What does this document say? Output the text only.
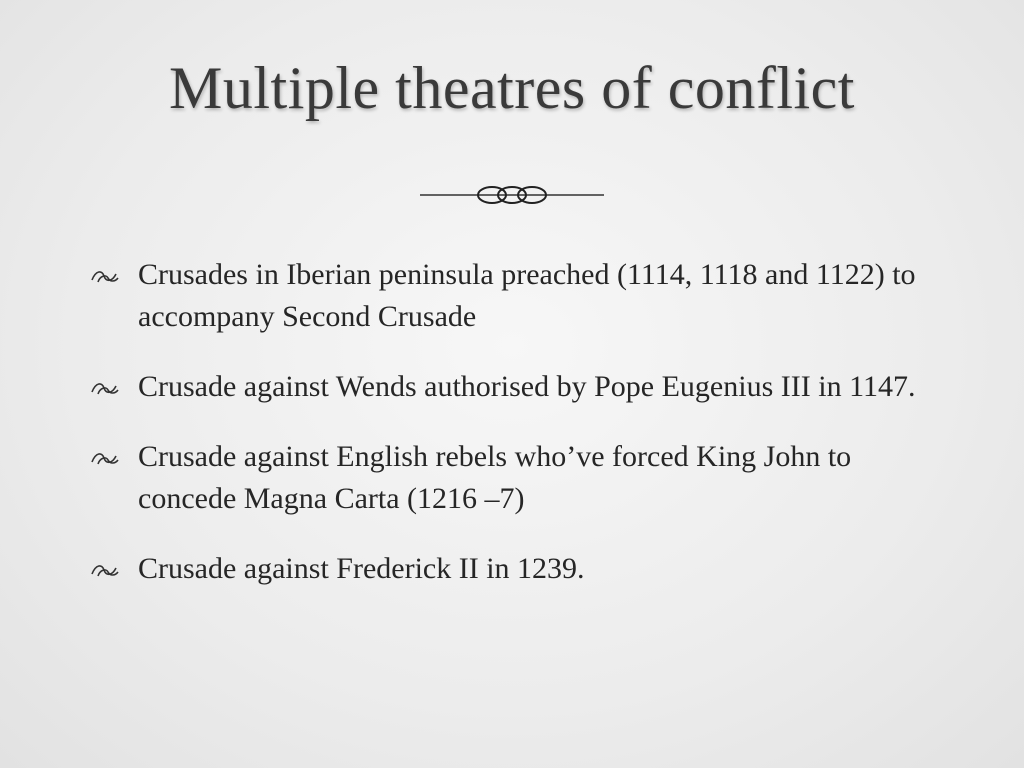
Multiple theatres of conflict
Crusades in Iberian peninsula preached (1114, 1118 and 1122) to accompany Second Crusade
Crusade against Wends authorised by Pope Eugenius III in 1147.
Crusade against English rebels who’ve forced King John to concede Magna Carta (1216 –7)
Crusade against Frederick II in 1239.
